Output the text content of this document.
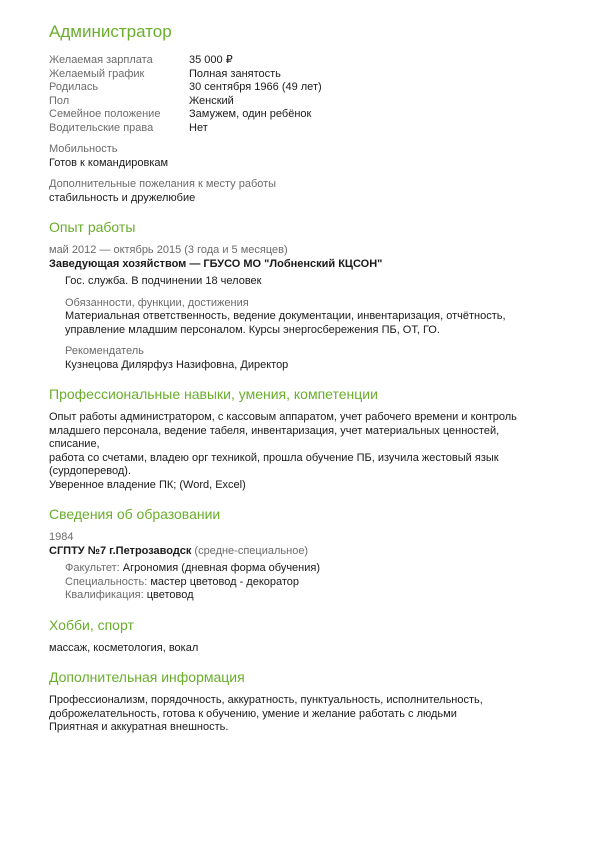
Администратор
Желаемая зарплата	35 000 ₽
Желаемый график	Полная занятость
Родилась	30 сентября 1966 (49 лет)
Пол	Женский
Семейное положение	Замужем, один ребёнок
Водительские права	Нет
Мобильность
Готов к командировкам
Дополнительные пожелания к месту работы
стабильность и дружелюбие
Опыт работы
май 2012 — октябрь 2015 (3 года и 5 месяцев)
Заведующая хозяйством — ГБУСО МО "Лобненский КЦСОН"
Гос. служба. В подчинении 18 человек
Обязанности, функции, достижения
Материальная ответственность, ведение документации, инвентаризация, отчётность,
управление младшим персоналом. Курсы энергосбережения ПБ, ОТ, ГО.
Рекомендатель
Кузнецова Дилярфуз Назифовна, Директор
Профессиональные навыки, умения, компетенции
Опыт работы администратором, с кассовым аппаратом, учет рабочего времени и контроль
младшего персонала, ведение табеля, инвентаризация, учет материальных ценностей, списание,
работа со счетами, владею орг техникой, прошла обучение ПБ, изучила жестовый язык
(сурдоперевод).
Уверенное владение ПК; (Word, Excel)
Сведения об образовании
1984
СГПТУ №7 г.Петрозаводск (средне-специальное)
Факультет: Агрономия (дневная форма обучения)
Специальность: мастер цветовод - декоратор
Квалификация: цветовод
Хобби, спорт
массаж, косметология, вокал
Дополнительная информация
Профессионализм, порядочность, аккуратность, пунктуальность, исполнительность,
доброжелательность, готова к обучению, умение и желание работать с людьми
Приятная и аккуратная внешность.
